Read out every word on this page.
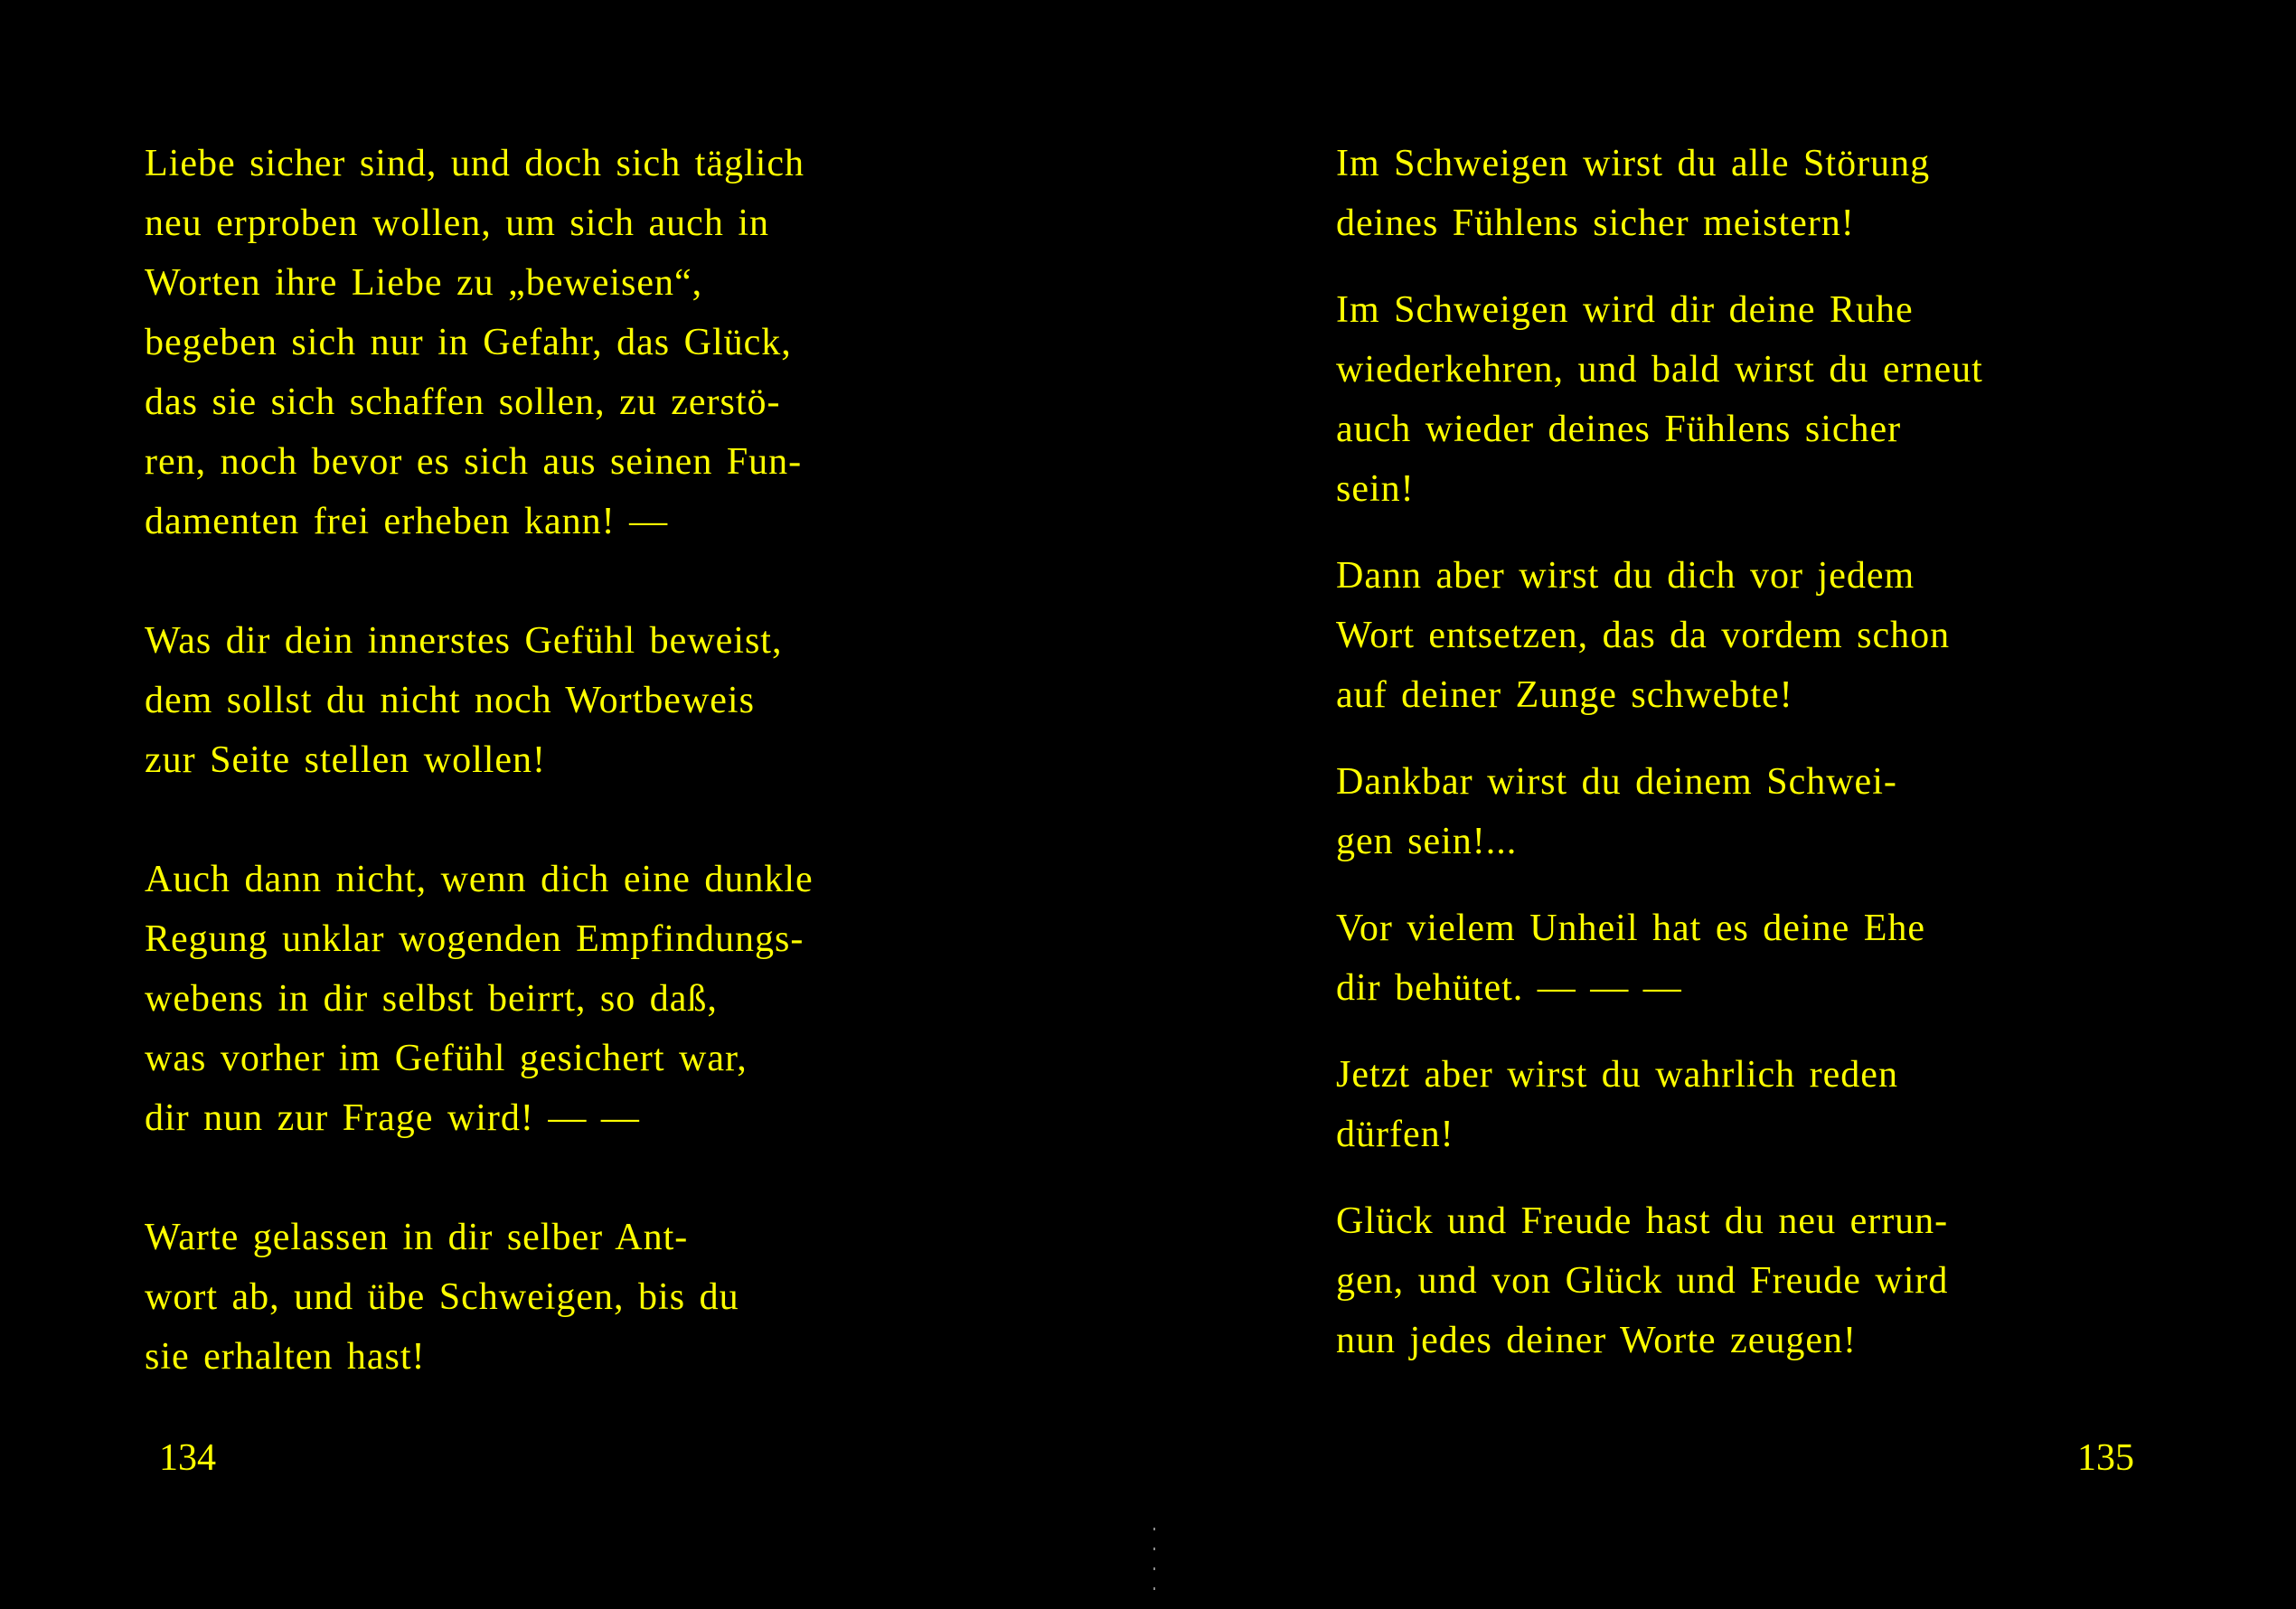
Liebe sicher sind, und doch sich täglich
neu erproben wollen, um sich auch in
Worten ihre Liebe zu „beweisen“,
begeben sich nur in Gefahr, das Glück,
das sie sich schaffen sollen, zu zerstö-
ren, noch bevor es sich aus seinen Fun-
damenten frei erheben kann! —

Was dir dein innerstes Gefühl beweist,
dem sollst du nicht noch Wortbeweis
zur Seite stellen wollen!

Auch dann nicht, wenn dich eine dunkle
Regung unklar wogenden Empfindungs-
webens in dir selbst beirrt, so daß,
was vorher im Gefühl gesichert war,
dir nun zur Frage wird! — —

Warte gelassen in dir selber Ant-
wort ab, und übe Schweigen, bis du
sie erhalten hast!

134

Im Schweigen wirst du alle Störung
deines Fühlens sicher meistern!

Im Schweigen wird dir deine Ruhe
wiederkehren, und bald wirst du erneut
auch wieder deines Fühlens sicher
sein!

Dann aber wirst du dich vor jedem
Wort entsetzen, das da vordem schon
auf deiner Zunge schwebte!

Dankbar wirst du deinem Schwei-
gen sein!...

Vor vielem Unheil hat es deine Ehe
dir behütet. — — —

Jetzt aber wirst du wahrlich reden
dürfen!

Glück und Freude hast du neu errun-
gen, und von Glück und Freude wird
nun jedes deiner Worte zeugen!

135
